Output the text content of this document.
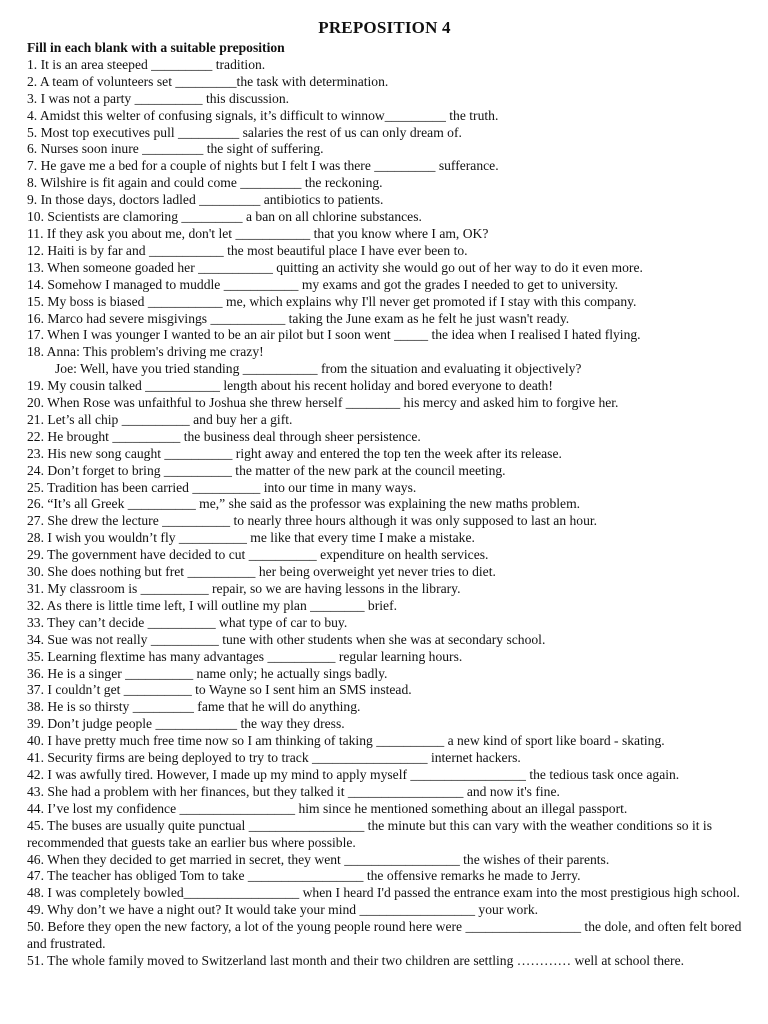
PREPOSITION 4

Fill in each blank with a suitable preposition

1. It is an area steeped _________ tradition.
2. A team of volunteers set _________the task with determination.
3. I was not a party __________ this discussion.
4. Amidst this welter of confusing signals, it’s difficult to winnow_________ the truth.
5. Most top executives pull _________ salaries the rest of us can only dream of.
6. Nurses soon inure _________ the sight of suffering.
7. He gave me a bed for a couple of nights but I felt I was there _________ sufferance.
8. Wilshire is fit again and could come _________ the reckoning.
9. In those days, doctors ladled _________ antibiotics to patients.
10. Scientists are clamoring _________ a ban on all chlorine substances.
11. If they ask you about me, don't let ___________ that you know where I am, OK?
12. Haiti is by far and ___________ the most beautiful place I have ever been to.
13. When someone goaded her ___________ quitting an activity she would go out of her way to do it even more.
14. Somehow I managed to muddle ___________ my exams and got the grades I needed to get to university.
15. My boss is biased ___________ me, which explains why I'll never get promoted if I stay with this company.
16. Marco had severe misgivings ___________ taking the June exam as he felt he just wasn't ready.
17. When I was younger I wanted to be an air pilot but I soon went _____ the idea when I realised I hated flying.
18. Anna: This problem's driving me crazy!
Joe: Well, have you tried standing ___________ from the situation and evaluating it objectively?
19. My cousin talked ___________ length about his recent holiday and bored everyone to death!
20. When Rose was unfaithful to Joshua she threw herself ________ his mercy and asked him to forgive her.
21. Let’s all chip __________ and buy her a gift.
22. He brought __________ the business deal through sheer persistence.
23. His new song caught __________ right away and entered the top ten the week after its release.
24. Don’t forget to bring __________ the matter of the new park at the council meeting.
25. Tradition has been carried __________ into our time in many ways.
26. “It’s all Greek __________ me,” she said as the professor was explaining the new maths problem.
27. She drew the lecture __________ to nearly three hours although it was only supposed to last an hour.
28. I wish you wouldn’t fly __________ me like that every time I make a mistake.
29. The government have decided to cut __________ expenditure on health services.
30. She does nothing but fret __________ her being overweight yet never tries to diet.
31. My classroom is __________ repair, so we are having lessons in the library.
32. As there is little time left, I will outline my plan ________ brief.
33. They can’t decide __________ what type of car to buy.
34. Sue was not really __________ tune with other students when she was at secondary school.
35. Learning flextime has many advantages __________ regular learning hours.
36. He is a singer __________ name only; he actually sings badly.
37. I couldn’t get __________ to Wayne so I sent him an SMS instead.
38. He is so thirsty _________ fame that he will do anything.
39. Don’t judge people ____________ the way they dress.
40. I have pretty much free time now so I am thinking of taking __________ a new kind of sport like board - skating.
41. Security firms are being deployed to try to track _________________ internet hackers.
42. I was awfully tired. However, I made up my mind to apply myself _________________ the tedious task once again.
43. She had a problem with her finances, but they talked it _________________ and now it's fine.
44. I’ve lost my confidence _________________ him since he mentioned something about an illegal passport.
45. The buses are usually quite punctual _________________ the minute but this can vary with the weather conditions so it is recommended that guests take an earlier bus where possible.
46. When they decided to get married in secret, they went _________________ the wishes of their parents.
47. The teacher has obliged Tom to take _________________ the offensive remarks he made to Jerry.
48. I was completely bowled_________________ when I heard I'd passed the entrance exam into the most prestigious high school.
49. Why don’t we have a night out? It would take your mind _________________ your work.
50. Before they open the new factory, a lot of the young people round here were _________________ the dole, and often felt bored and frustrated.
51. The whole family moved to Switzerland last month and their two children are settling ………… well at school there.
